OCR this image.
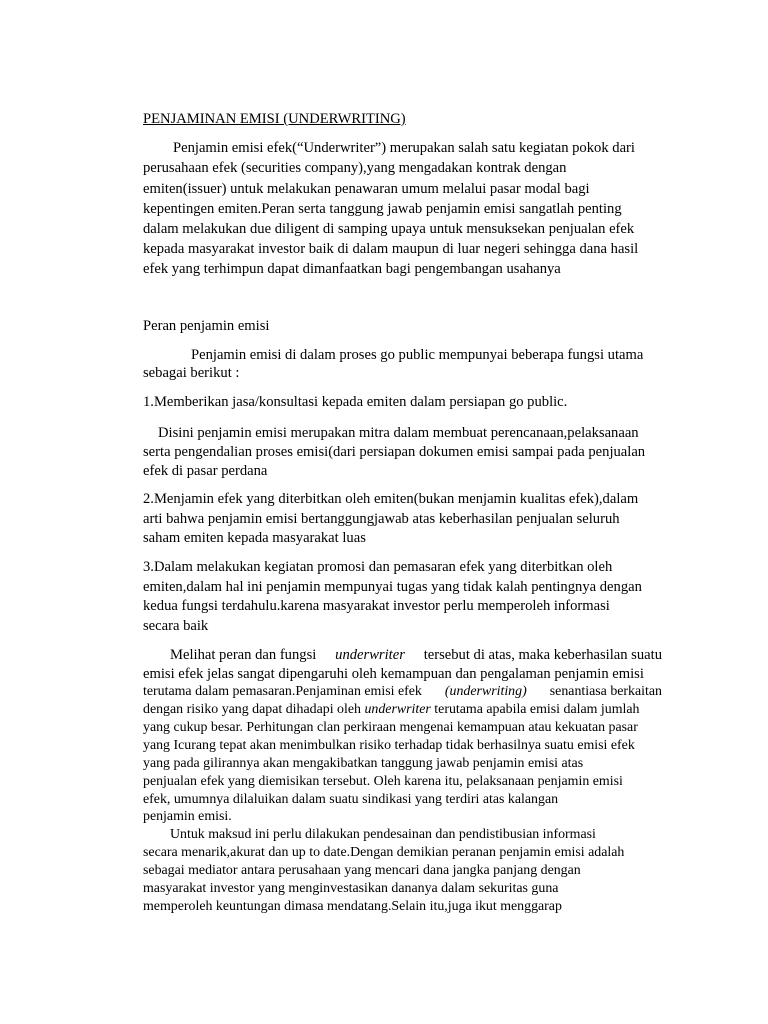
PENJAMINAN EMISI (UNDERWRITING)
Penjamin emisi efek(“Underwriter”) merupakan salah satu kegiatan pokok dari
perusahaan efek (securities company),yang mengadakan kontrak dengan
emiten(issuer) untuk melakukan penawaran umum melalui pasar modal bagi
kepentingen emiten.Peran serta tanggung jawab penjamin emisi sangatlah penting
dalam melakukan due diligent di samping upaya untuk mensuksekan penjualan efek
kepada masyarakat investor baik di dalam maupun di luar negeri sehingga dana hasil
efek yang terhimpun dapat dimanfaatkan bagi pengembangan usahanya
Peran penjamin emisi
Penjamin emisi di dalam proses go public mempunyai beberapa fungsi utama
sebagai berikut :
1.Memberikan jasa/konsultasi kepada emiten dalam persiapan go public.
Disini penjamin emisi merupakan mitra dalam membuat perencanaan,pelaksanaan
serta pengendalian proses emisi(dari persiapan dokumen emisi sampai pada penjualan
efek di pasar perdana
2.Menjamin efek yang diterbitkan oleh emiten(bukan menjamin kualitas efek),dalam
arti bahwa penjamin emisi bertanggungjawab atas keberhasilan penjualan seluruh
saham emiten kepada masyarakat luas
3.Dalam melakukan kegiatan promosi dan pemasaran efek yang diterbitkan oleh
emiten,dalam hal ini penjamin mempunyai tugas yang tidak kalah pentingnya dengan
kedua fungsi terdahulu.karena masyarakat investor perlu memperoleh informasi
secara baik
Melihat peran dan fungsi underwriter tersebut di atas, maka keberhasilan suatu
emisi efek jelas sangat dipengaruhi oleh kemampuan dan pengalaman penjamin emisi
terutama dalam pemasaran.Penjaminan emisi efek (underwriting) senantiasa berkaitan
dengan risiko yang dapat dihadapi oleh underwriter terutama apabila emisi dalam jumlah
yang cukup besar. Perhitungan clan perkiraan mengenai kemampuan atau kekuatan pasar
yang Icurang tepat akan menimbulkan risiko terhadap tidak berhasilnya suatu emisi efek
yang pada gilirannya akan mengakibatkan tanggung jawab penjamin emisi atas
penjualan efek yang diemisikan tersebut. Oleh karena itu, pelaksanaan penjamin emisi
efek, umumnya dilaluikan dalam suatu sindikasi yang terdiri atas kalangan
penjamin emisi.
Untuk maksud ini perlu dilakukan pendesainan dan pendistibusian informasi
secara menarik,akurat dan up to date.Dengan demikian peranan penjamin emisi adalah
sebagai mediator antara perusahaan yang mencari dana jangka panjang dengan
masyarakat investor yang menginvestasikan dananya dalam sekuritas guna
memperoleh keuntungan dimasa mendatang.Selain itu,juga ikut menggarap
